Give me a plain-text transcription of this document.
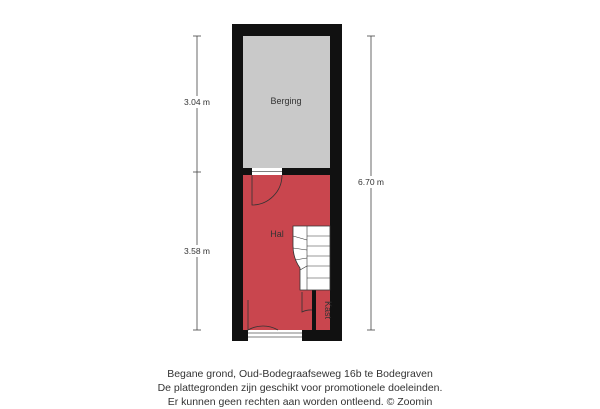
3.04 m
3.58 m
6.70 m
Berging
Hal
Kast
Begane grond, Oud-Bodegraafseweg 16b te Bodegraven
De plattegronden zijn geschikt voor promotionele doeleinden.
Er kunnen geen rechten aan worden ontleend. © Zoomin
